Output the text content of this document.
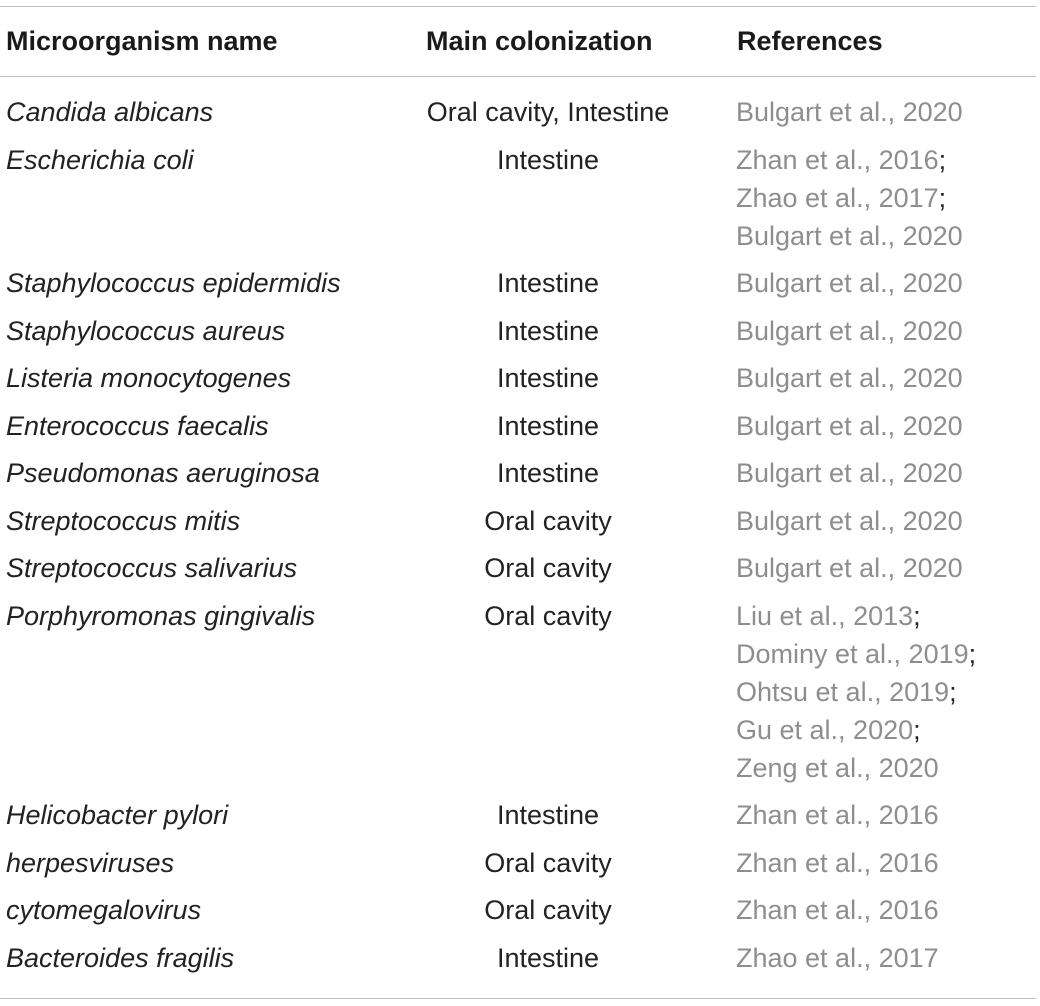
Microorganism name	Main colonization	References
Candida albicans	Oral cavity, Intestine	Bulgart et al., 2020
Escherichia coli	Intestine	Zhan et al., 2016;
Zhao et al., 2017;
Bulgart et al., 2020
Staphylococcus epidermidis	Intestine	Bulgart et al., 2020
Staphylococcus aureus	Intestine	Bulgart et al., 2020
Listeria monocytogenes	Intestine	Bulgart et al., 2020
Enterococcus faecalis	Intestine	Bulgart et al., 2020
Pseudomonas aeruginosa	Intestine	Bulgart et al., 2020
Streptococcus mitis	Oral cavity	Bulgart et al., 2020
Streptococcus salivarius	Oral cavity	Bulgart et al., 2020
Porphyromonas gingivalis	Oral cavity	Liu et al., 2013;
Dominy et al., 2019;
Ohtsu et al., 2019;
Gu et al., 2020;
Zeng et al., 2020
Helicobacter pylori	Intestine	Zhan et al., 2016
herpesviruses	Oral cavity	Zhan et al., 2016
cytomegalovirus	Oral cavity	Zhan et al., 2016
Bacteroides fragilis	Intestine	Zhao et al., 2017
